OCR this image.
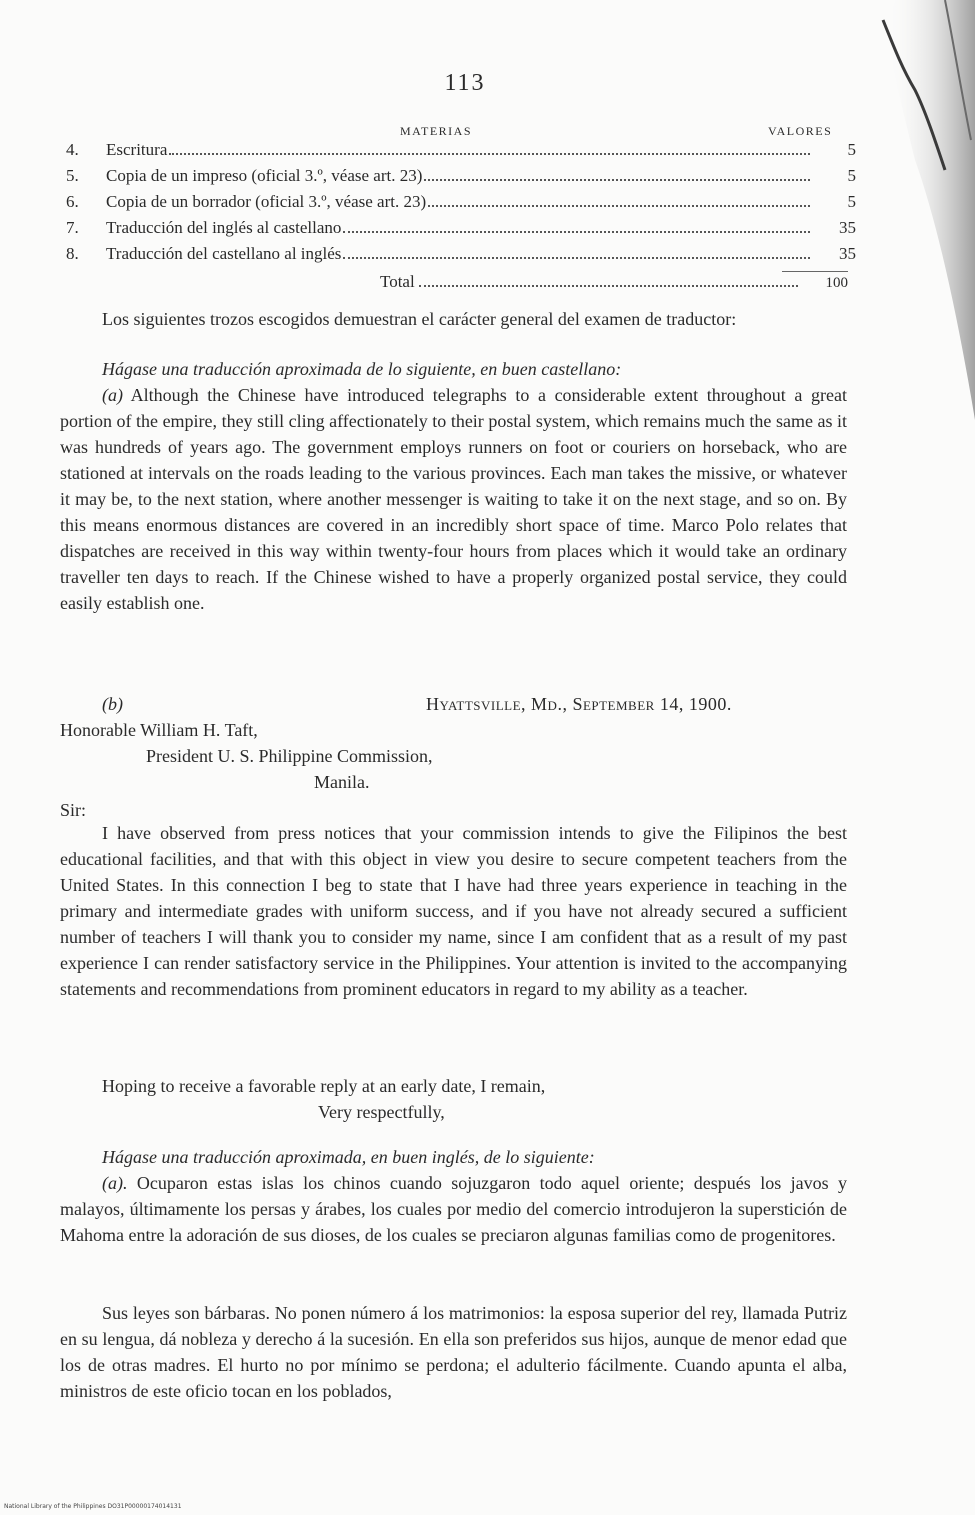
113
MATERIAS	VALORES
4.	Escritura	5
5.	Copia de un impreso (oficial 3.º, véase art. 23)	5
6.	Copia de un borrador (oficial 3.º, véase art. 23)	5
7.	Traducción del inglés al castellano	35
8.	Traducción del castellano al inglés	35
Total	100

Los siguientes trozos escogidos demuestran el carácter general del examen de traductor:

Hágase una traducción aproximada de lo siguiente, en buen castellano:

(a) Although the Chinese have introduced telegraphs to a considerable extent throughout a great portion of the empire, they still cling affectionately to their postal system, which remains much the same as it was hundreds of years ago. The government employs runners on foot or couriers on horseback, who are stationed at intervals on the roads leading to the various provinces. Each man takes the missive, or whatever it may be, to the next station, where another messenger is waiting to take it on the next stage, and so on. By this means enormous distances are covered in an incredibly short space of time. Marco Polo relates that dispatches are received in this way within twenty-four hours from places which it would take an ordinary traveller ten days to reach. If the Chinese wished to have a properly organized postal service, they could easily establish one.

(b)	Hyattsville, Md., September 14, 1900.
Honorable William H. Taft,
President U. S. Philippine Commission,
Manila.
Sir:

I have observed from press notices that your commission intends to give the Filipinos the best educational facilities, and that with this object in view you desire to secure competent teachers from the United States. In this connection I beg to state that I have had three years experience in teaching in the primary and intermediate grades with uniform success, and if you have not already secured a sufficient number of teachers I will thank you to consider my name, since I am confident that as a result of my past experience I can render satisfactory service in the Philippines. Your attention is invited to the accompanying statements and recommendations from prominent educators in regard to my ability as a teacher.

Hoping to receive a favorable reply at an early date, I remain,
Very respectfully,

Hágase una traducción aproximada, en buen inglés, de lo siguiente:

(a). Ocuparon estas islas los chinos cuando sojuzgaron todo aquel oriente; después los javos y malayos, últimamente los persas y árabes, los cuales por medio del comercio introdujeron la superstición de Mahoma entre la adoración de sus dioses, de los cuales se preciaron algunas familias como de progenitores.

Sus leyes son bárbaras. No ponen número á los matrimonios: la esposa superior del rey, llamada Putriz en su lengua, dá nobleza y derecho á la sucesión. En ella son preferidos sus hijos, aunque de menor edad que los de otras madres. El hurto no por mínimo se perdona; el adulterio fácilmente. Cuando apunta el alba, ministros de este oficio tocan en los poblados,

National Library of the Philippines DO31P00000174014131
